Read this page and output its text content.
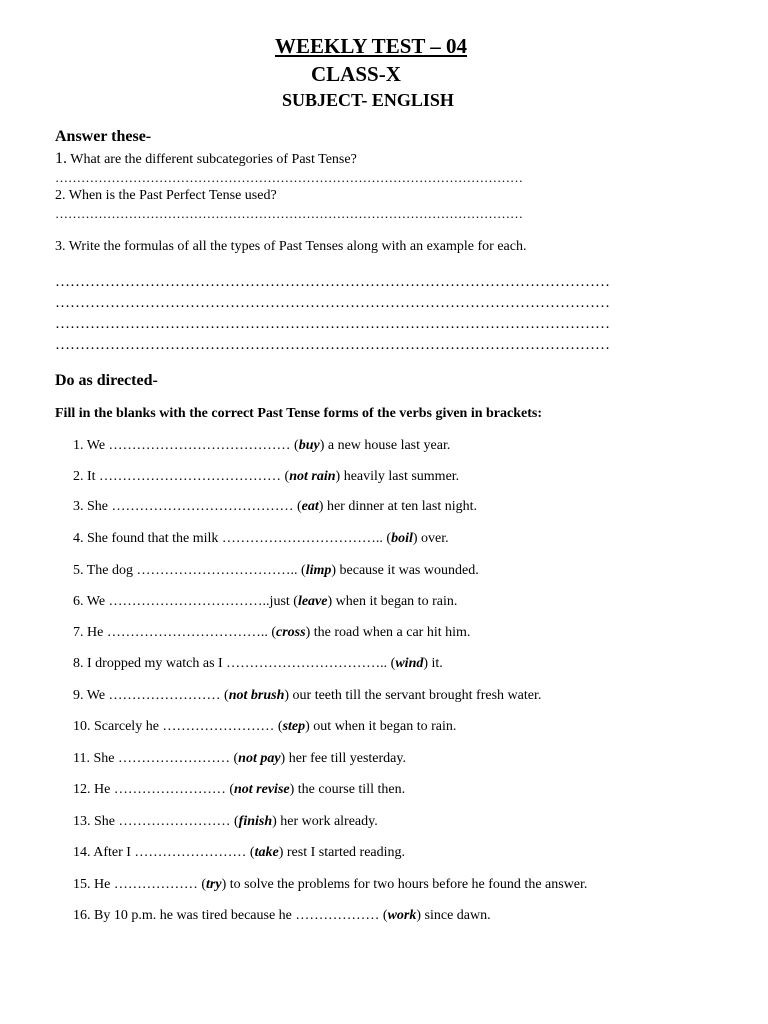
WEEKLY TEST – 04
CLASS-X
SUBJECT- ENGLISH
Answer these-
1. What are the different subcategories of Past Tense?
………………………………………………………………………………………………
2. When is the Past Perfect Tense used?
………………………………………………………………………………………………
3. Write the formulas of all the types of Past Tenses along with an example for each.
…………………………………………………………………………………………………
…………………………………………………………………………………………………
…………………………………………………………………………………………………
…………………………………………………………………………………………………
Do as directed-
Fill in the blanks with the correct Past Tense forms of the verbs given in brackets:
1. We ………………………………… (buy) a new house last year.
2. It ………………………………… (not rain) heavily last summer.
3. She ………………………………… (eat) her dinner at ten last night.
4. She found that the milk …………………………….. (boil) over.
5. The dog …………………………….. (limp) because it was wounded.
6. We ……………………………..just (leave) when it began to rain.
7. He …………………………….. (cross) the road when a car hit him.
8. I dropped my watch as I …………………………….. (wind) it.
9. We …………………… (not brush) our teeth till the servant brought fresh water.
10. Scarcely he …………………… (step) out when it began to rain.
11. She …………………… (not pay) her fee till yesterday.
12. He …………………… (not revise) the course till then.
13. She …………………… (finish) her work already.
14. After I …………………… (take) rest I started reading.
15. He ……………… (try) to solve the problems for two hours before he found the answer.
16. By 10 p.m. he was tired because he ……………… (work) since dawn.
